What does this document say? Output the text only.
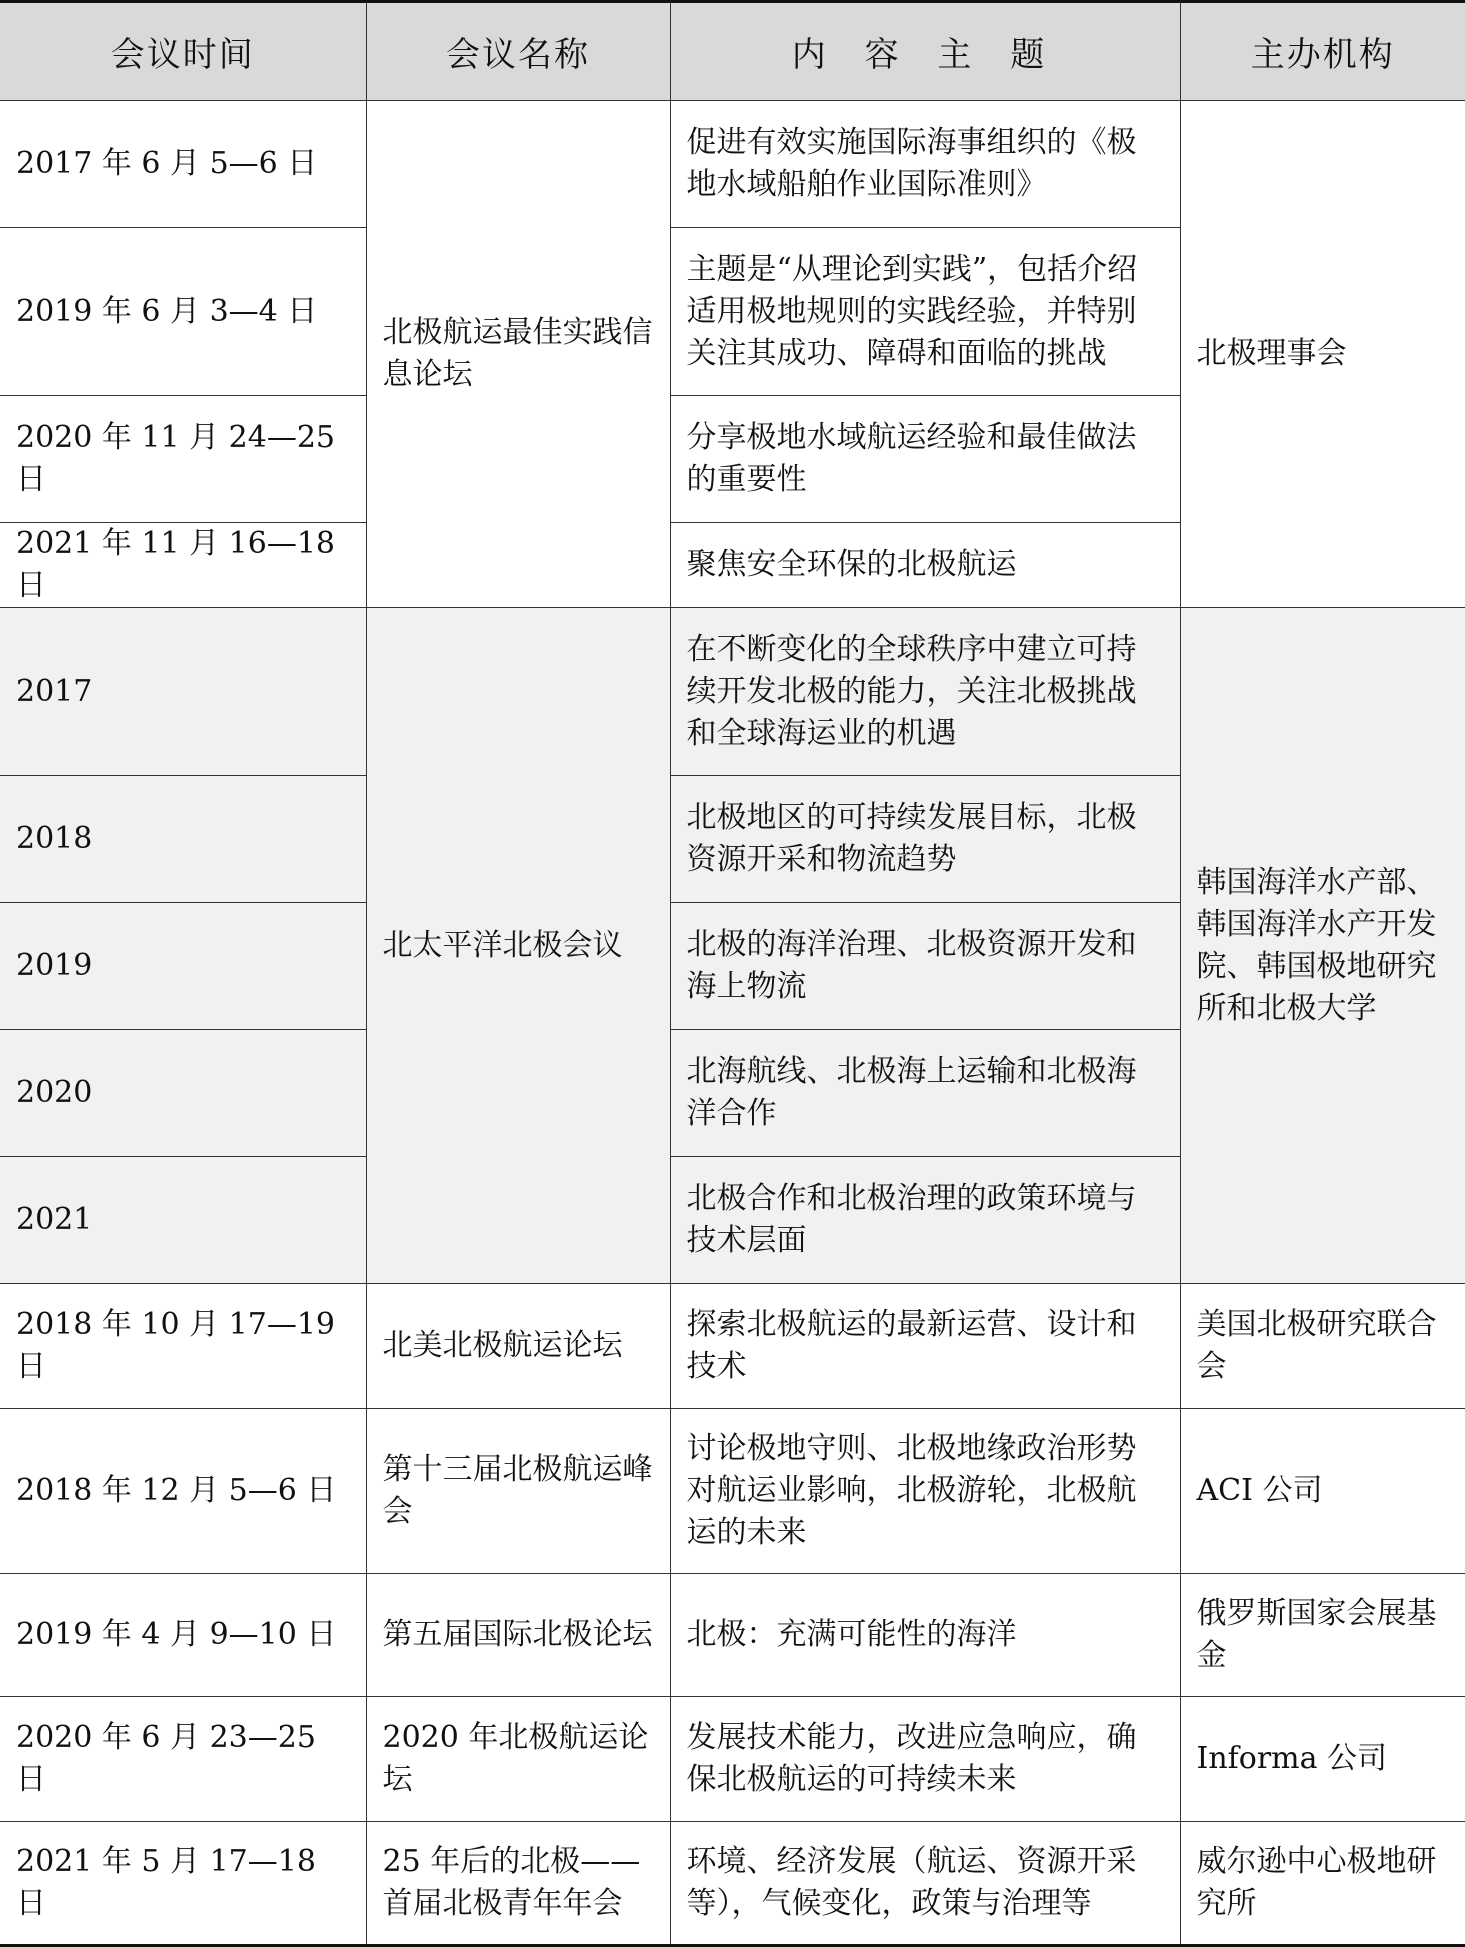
会议时间	会议名称	内 容 主 题	主办机构
2017 年 6 月 5—6 日	北极航运最佳实践信息论坛	促进有效实施国际海事组织的《极地水域船舶作业国际准则》	北极理事会
2019 年 6 月 3—4 日		主题是“从理论到实践”，包括介绍适用极地规则的实践经验，并特别关注其成功、障碍和面临的挑战	
2020 年 11 月 24—25 日		分享极地水域航运经验和最佳做法的重要性	
2021 年 11 月 16—18 日		聚焦安全环保的北极航运	
2017	北太平洋北极会议	在不断变化的全球秩序中建立可持续开发北极的能力，关注北极挑战和全球海运业的机遇	韩国海洋水产部、韩国海洋水产开发院、韩国极地研究所和北极大学
2018		北极地区的可持续发展目标，北极资源开采和物流趋势	
2019		北极的海洋治理、北极资源开发和海上物流	
2020		北海航线、北极海上运输和北极海洋合作	
2021		北极合作和北极治理的政策环境与技术层面	
2018 年 10 月 17—19 日	北美北极航运论坛	探索北极航运的最新运营、设计和技术	美国北极研究联合会
2018 年 12 月 5—6 日	第十三届北极航运峰会	讨论极地守则、北极地缘政治形势对航运业影响，北极游轮，北极航运的未来	ACI 公司
2019 年 4 月 9—10 日	第五届国际北极论坛	北极：充满可能性的海洋	俄罗斯国家会展基金
2020 年 6 月 23—25 日	2020 年北极航运论坛	发展技术能力，改进应急响应，确保北极航运的可持续未来	Informa 公司
2021 年 5 月 17—18 日	25 年后的北极——首届北极青年年会	环境、经济发展（航运、资源开采等），气候变化，政策与治理等	威尔逊中心极地研究所
